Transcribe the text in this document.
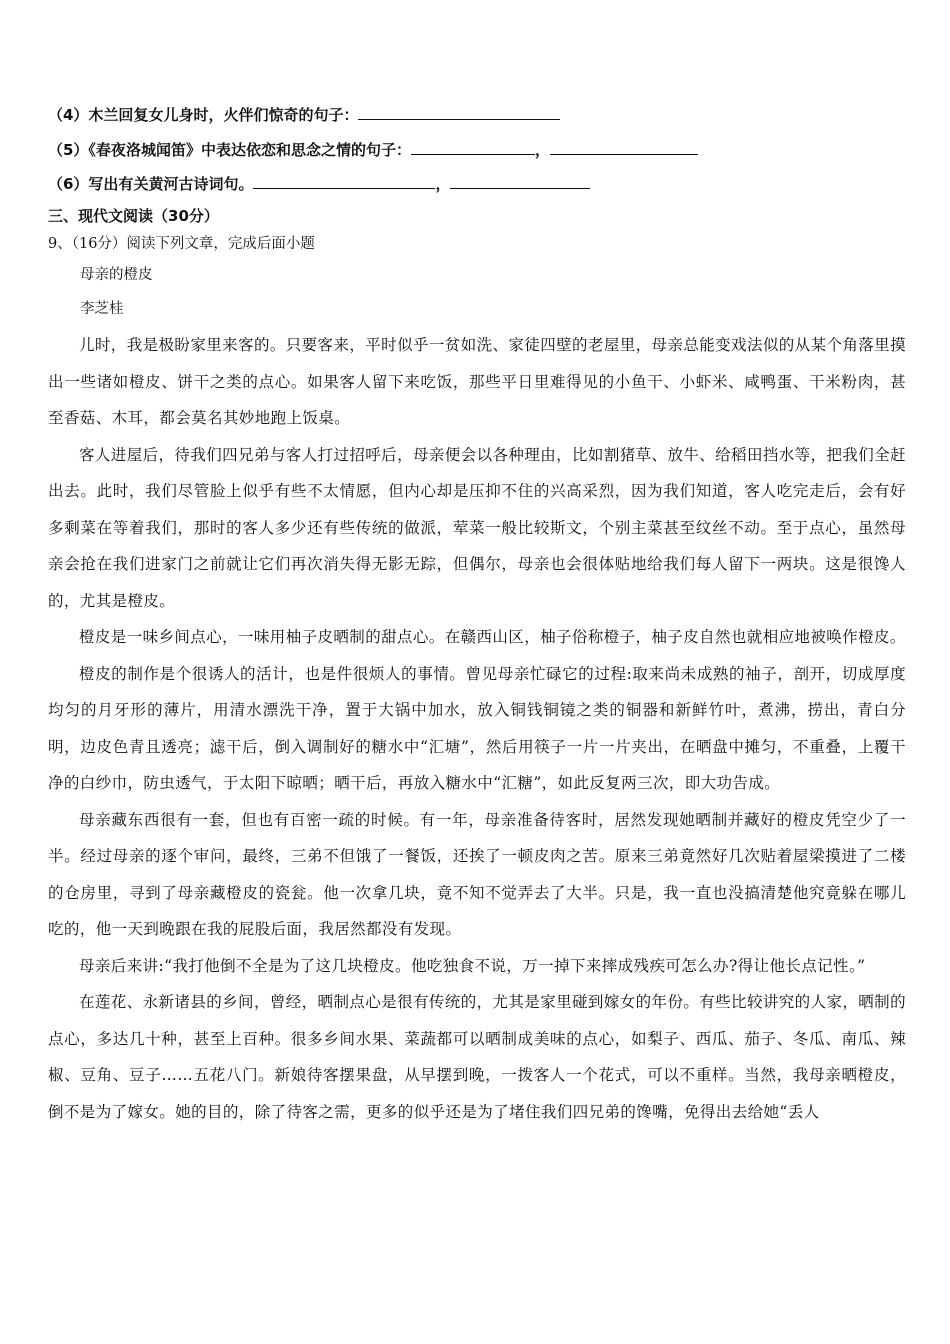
（4）木兰回复女儿身时，火伴们惊奇的句子：
（5）《春夜洛城闻笛》中表达依恋和思念之情的句子：	，
（6）写出有关黄河古诗词句。	，
三、现代文阅读（30分）
9、（16分）阅读下列文章，完成后面小题
母亲的橙皮
李芝桂

儿时，我是极盼家里来客的。只要客来，平时似乎一贫如洗、家徒四壁的老屋里，母亲总能变戏法似的从某个角落里摸出一些诸如橙皮、饼干之类的点心。如果客人留下来吃饭，那些平日里难得见的小鱼干、小虾米、咸鸭蛋、干米粉肉，甚至香菇、木耳，都会莫名其妙地跑上饭桌。

客人进屋后，待我们四兄弟与客人打过招呼后，母亲便会以各种理由，比如割猪草、放牛、给稻田挡水等，把我们全赶出去。此时，我们尽管脸上似乎有些不太情愿，但内心却是压抑不住的兴高采烈，因为我们知道，客人吃完走后，会有好多剩菜在等着我们，那时的客人多少还有些传统的做派，荤菜一般比较斯文，个别主菜甚至纹丝不动。至于点心，虽然母亲会抢在我们进家门之前就让它们再次消失得无影无踪，但偶尔，母亲也会很体贴地给我们每人留下一两块。这是很馋人的，尤其是橙皮。

橙皮是一味乡间点心，一味用柚子皮晒制的甜点心。在赣西山区，柚子俗称橙子，柚子皮自然也就相应地被唤作橙皮。

橙皮的制作是个很诱人的活计，也是件很烦人的事情。曾见母亲忙碌它的过程:取来尚未成熟的袖子，剖开，切成厚度均匀的月牙形的薄片，用清水漂洗干净，置于大锅中加水，放入铜钱铜镜之类的铜器和新鲜竹叶，煮沸，捞出，青白分明，边皮色青且透亮；滤干后，倒入调制好的糖水中“汇塘”，然后用筷子一片一片夹出，在晒盘中摊匀，不重叠，上覆干净的白纱巾，防虫透气，于太阳下晾晒；晒干后，再放入糖水中“汇糖”，如此反复两三次，即大功告成。

母亲藏东西很有一套，但也有百密一疏的时候。有一年，母亲准备待客时，居然发现她晒制并藏好的橙皮凭空少了一半。经过母亲的逐个审问，最终，三弟不但饿了一餐饭，还挨了一顿皮肉之苦。原来三弟竟然好几次贴着屋梁摸进了二楼的仓房里，寻到了母亲藏橙皮的瓷瓮。他一次拿几块，竟不知不觉弄去了大半。只是，我一直也没搞清楚他究竟躲在哪儿吃的，他一天到晚跟在我的屁股后面，我居然都没有发现。

母亲后来讲:“我打他倒不全是为了这几块橙皮。他吃独食不说，万一掉下来摔成残疾可怎么办?得让他长点记性。”

在莲花、永新诸县的乡间，曾经，晒制点心是很有传统的，尤其是家里碰到嫁女的年份。有些比较讲究的人家，晒制的点心，多达几十种，甚至上百种。很多乡间水果、菜蔬都可以晒制成美味的点心，如梨子、西瓜、茄子、冬瓜、南瓜、辣椒、豆角、豆子……五花八门。新娘待客摆果盘，从早摆到晚，一拨客人一个花式，可以不重样。当然，我母亲晒橙皮，倒不是为了嫁女。她的目的，除了待客之需，更多的似乎还是为了堵住我们四兄弟的馋嘴，免得出去给她“丢人
